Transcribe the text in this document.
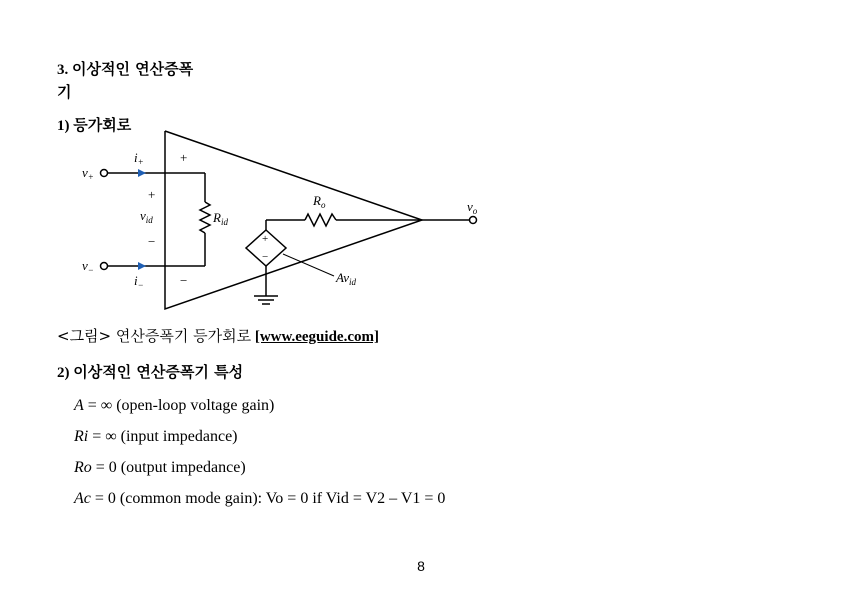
3. 이상적인 연산증폭
기
1) 등가회로
$v_+$
$v_-$
$i_+$
$i_-$
+
−
+
$v_{id}$
−
$R_{id}$
$R_o$
+
−
$Av_{id}$
$v_o$
<그림> 연산증폭기 등가회로 [www.eeguide.com]
2) 이상적인 연산증폭기 특성
A = ∞ (open-loop voltage gain)
Ri = ∞ (input impedance)
Ro = 0 (output impedance)
Ac = 0 (common mode gain): Vo = 0 if Vid = V2 – V1 = 0
8
